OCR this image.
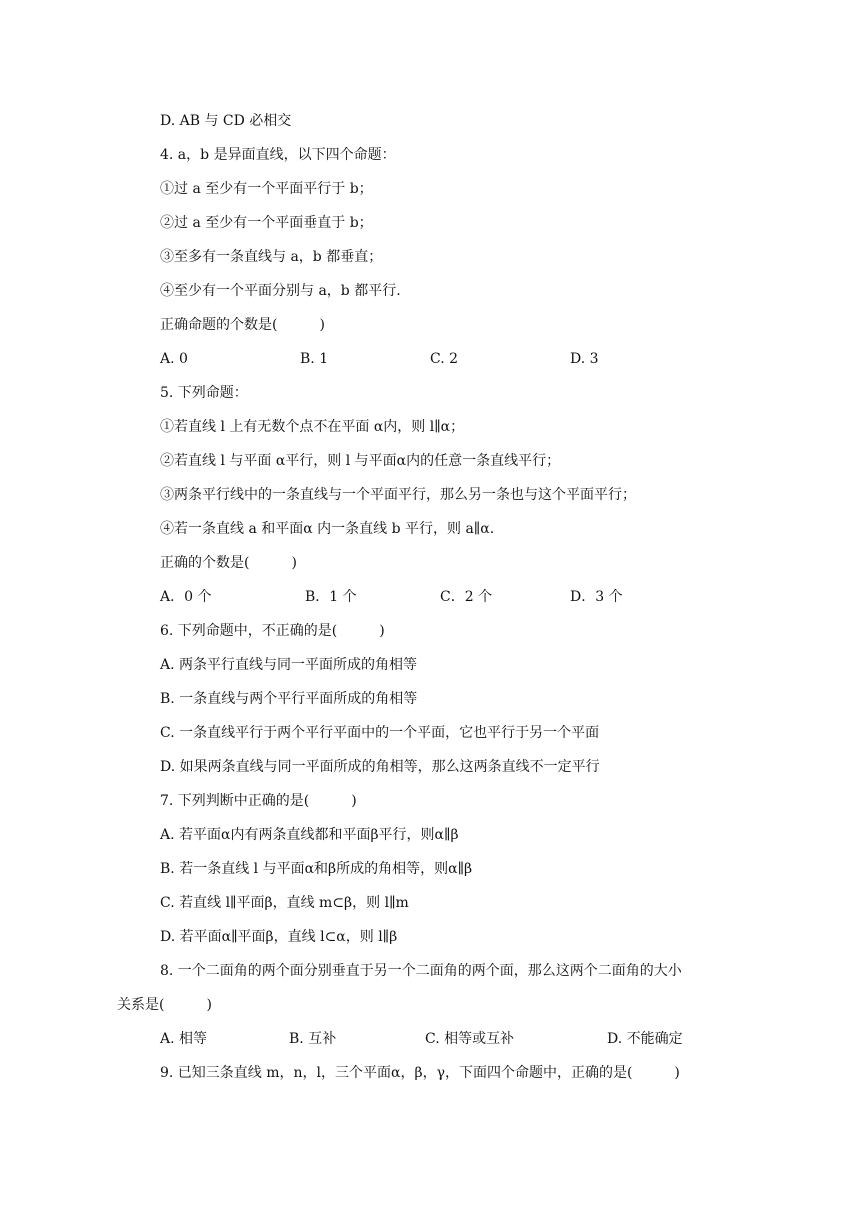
D. AB 与 CD 必相交
4. a，b 是异面直线，以下四个命题：
①过 a 至少有一个平面平行于 b；
②过 a 至少有一个平面垂直于 b；
③至多有一条直线与 a，b 都垂直；
④至少有一个平面分别与 a，b 都平行.
正确命题的个数是(　　　)
A. 0	B. 1	C. 2	D. 3
5. 下列命题：
①若直线 l 上有无数个点不在平面 α内，则 l∥α；
②若直线 l 与平面 α平行，则 l 与平面α内的任意一条直线平行；
③两条平行线中的一条直线与一个平面平行，那么另一条也与这个平面平行；
④若一条直线 a 和平面α 内一条直线 b 平行，则 a∥α.
正确的个数是(　　　)
A．0 个	B．1 个	C．2 个	D．3 个
6. 下列命题中，不正确的是(　　　)
A. 两条平行直线与同一平面所成的角相等
B. 一条直线与两个平行平面所成的角相等
C. 一条直线平行于两个平行平面中的一个平面，它也平行于另一个平面
D. 如果两条直线与同一平面所成的角相等，那么这两条直线不一定平行
7. 下列判断中正确的是(　　　)
A. 若平面α内有两条直线都和平面β平行，则α∥β
B. 若一条直线 l 与平面α和β所成的角相等，则α∥β
C. 若直线 l∥平面β，直线 m⊂β，则 l∥m
D. 若平面α∥平面β，直线 l⊂α，则 l∥β
8. 一个二面角的两个面分别垂直于另一个二面角的两个面，那么这两个二面角的大小
关系是(　　　)
A. 相等	B. 互补	C. 相等或互补	D. 不能确定
9. 已知三条直线 m，n，l，三个平面α，β，γ，下面四个命题中，正确的是(　　　)
